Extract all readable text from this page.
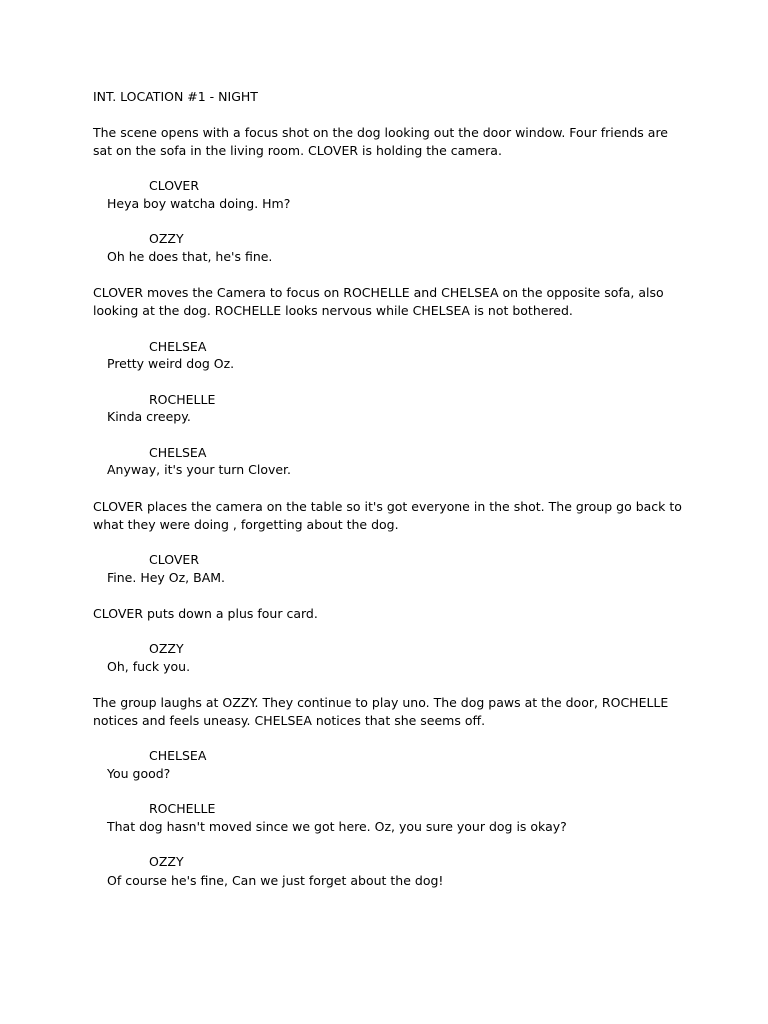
INT. LOCATION #1 - NIGHT
The scene opens with a focus shot on the dog looking out the door window. Four friends are
sat on the sofa in the living room. CLOVER is holding the camera.
CLOVER
Heya boy watcha doing. Hm?
OZZY
Oh he does that, he's fine.
CLOVER moves the Camera to focus on ROCHELLE and CHELSEA on the opposite sofa, also
looking at the dog. ROCHELLE looks nervous while CHELSEA is not bothered.
CHELSEA
Pretty weird dog Oz.
ROCHELLE
Kinda creepy.
CHELSEA
Anyway, it's your turn Clover.
CLOVER places the camera on the table so it's got everyone in the shot. The group go back to
what they were doing , forgetting about the dog.
CLOVER
Fine. Hey Oz, BAM.
CLOVER puts down a plus four card.
OZZY
Oh, fuck you.
The group laughs at OZZY. They continue to play uno. The dog paws at the door, ROCHELLE
notices and feels uneasy. CHELSEA notices that she seems off.
CHELSEA
You good?
ROCHELLE
That dog hasn't moved since we got here. Oz, you sure your dog is okay?
OZZY
Of course he's fine, Can we just forget about the dog!
